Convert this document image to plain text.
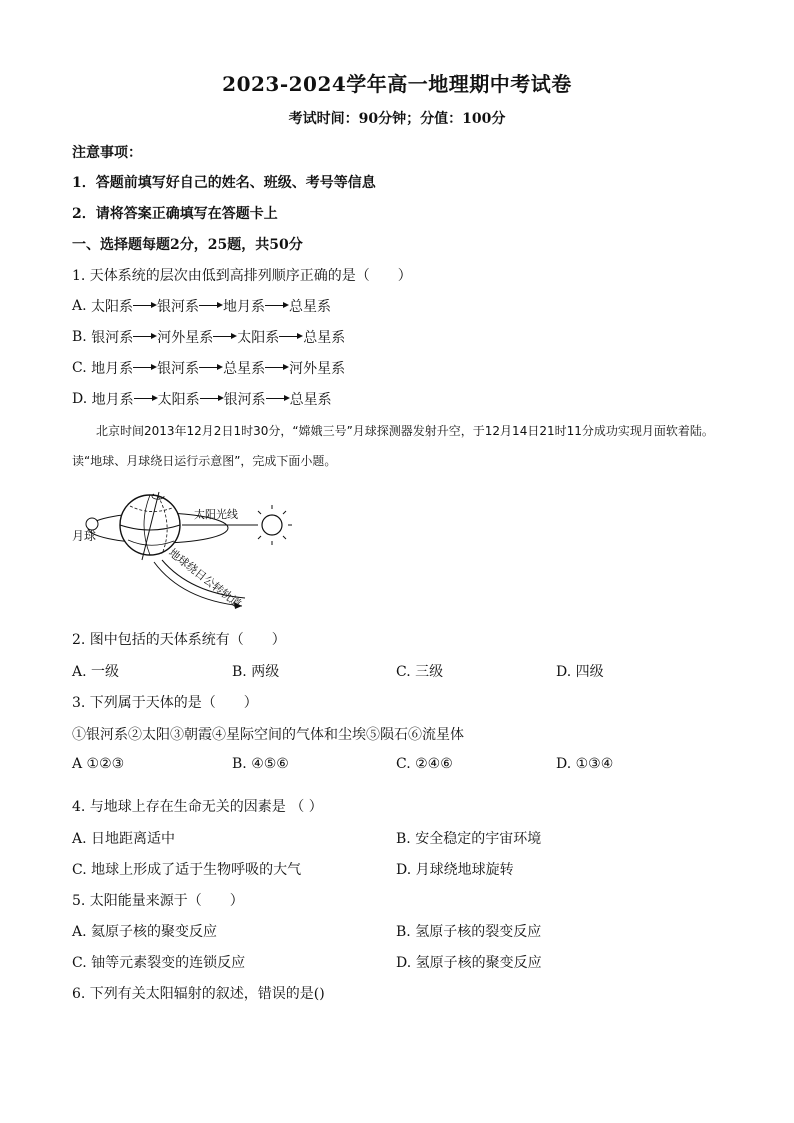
2023-2024学年高一地理期中考试卷
考试时间：90分钟；分值：100分
注意事项：
1．答题前填写好自己的姓名、班级、考号等信息
2．请将答案正确填写在答题卡上
一、选择题每题2分，25题，共50分
1. 天体系统的层次由低到高排列顺序正确的是（　　）
A. 太阳系 银河系 地月系 总星系
B. 银河系 河外星系 太阳系 总星系
C. 地月系 银河系 总星系 河外星系
D. 地月系 太阳系 银河系 总星系
北京时间2013年12月2日1时30分，“嫦娥三号”月球探测器发射升空，于12月14日21时11分成功实现月面软着陆。读“地球、月球绕日运行示意图”，完成下面小题。
月球
太阳光线
地球绕日公转轨道
2. 图中包括的天体系统有（　　）
A. 一级	B. 两级	C. 三级	D. 四级
3. 下列属于天体的是（　　）
①银河系②太阳③朝霞④星际空间的气体和尘埃⑤陨石⑥流星体
A ①②③	B. ④⑤⑥	C. ②④⑥	D. ①③④
4. 与地球上存在生命无关的因素是 （ ）
A. 日地距离适中	B. 安全稳定的宇宙环境
C. 地球上形成了适于生物呼吸的大气	D. 月球绕地球旋转
5. 太阳能量来源于（　　）
A. 氦原子核的聚变反应	B. 氢原子核的裂变反应
C. 铀等元素裂变的连锁反应	D. 氢原子核的聚变反应
6. 下列有关太阳辐射的叙述，错误的是()
